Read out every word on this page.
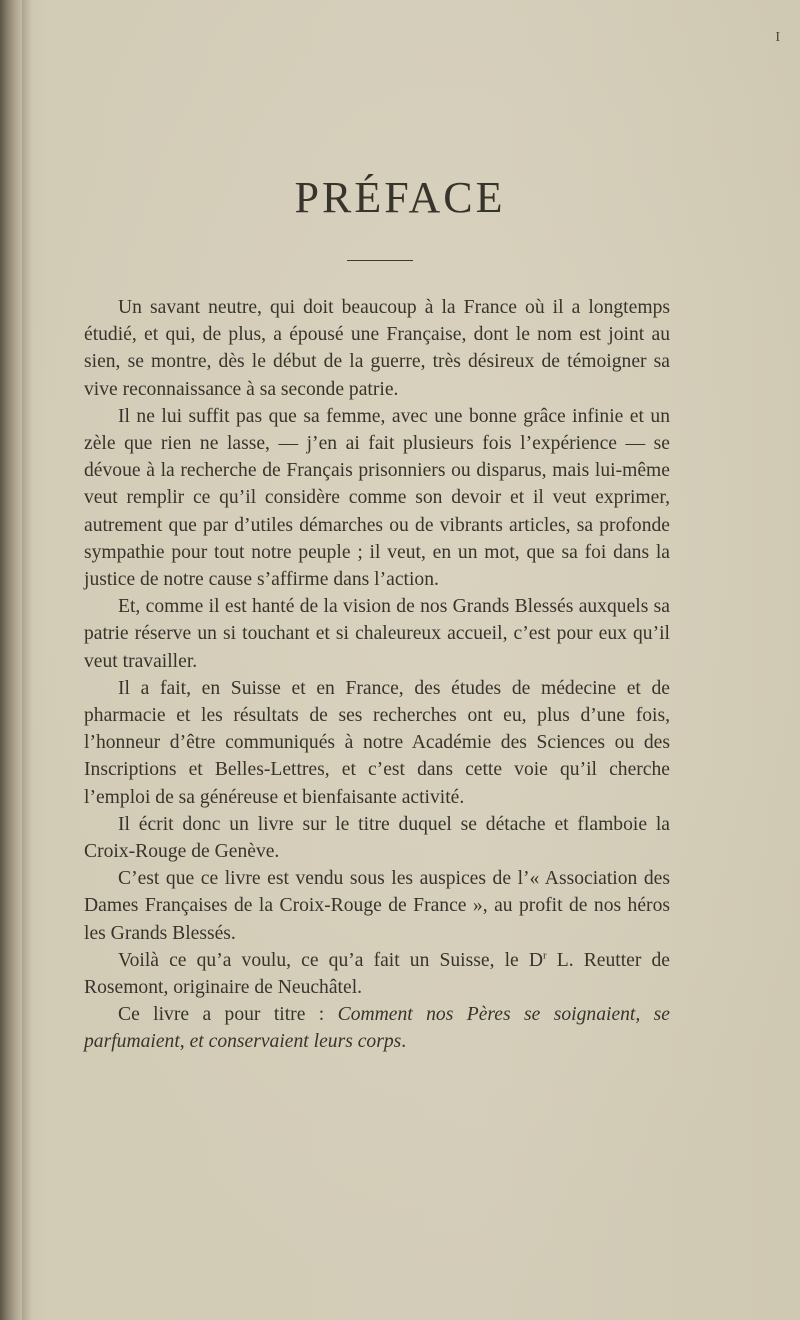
I
PRÉFACE

Un savant neutre, qui doit beaucoup à la France où il a longtemps étudié, et qui, de plus, a épousé une Française, dont le nom est joint au sien, se montre, dès le début de la guerre, très désireux de témoigner sa vive reconnaissance à sa seconde patrie.

Il ne lui suffit pas que sa femme, avec une bonne grâce infinie et un zèle que rien ne lasse, — j’en ai fait plusieurs fois l’expérience — se dévoue à la recherche de Français prisonniers ou disparus, mais lui-même veut remplir ce qu’il considère comme son devoir et il veut exprimer, autrement que par d’utiles démarches ou de vibrants articles, sa profonde sympathie pour tout notre peuple ; il veut, en un mot, que sa foi dans la justice de notre cause s’affirme dans l’action.

Et, comme il est hanté de la vision de nos Grands Blessés auxquels sa patrie réserve un si touchant et si chaleureux accueil, c’est pour eux qu’il veut travailler.

Il a fait, en Suisse et en France, des études de médecine et de pharmacie et les résultats de ses recherches ont eu, plus d’une fois, l’honneur d’être communiqués à notre Académie des Sciences ou des Inscriptions et Belles-Lettres, et c’est dans cette voie qu’il cherche l’emploi de sa généreuse et bienfaisante activité.

Il écrit donc un livre sur le titre duquel se détache et flamboie la Croix-Rouge de Genève.

C’est que ce livre est vendu sous les auspices de l’« Association des Dames Françaises de la Croix-Rouge de France », au profit de nos héros les Grands Blessés.

Voilà ce qu’a voulu, ce qu’a fait un Suisse, le $D^r$ L. Reutter de Rosemont, originaire de Neuchâtel.

Ce livre a pour titre : Comment nos Pères se soignaient, se parfumaient, et conservaient leurs corps.
